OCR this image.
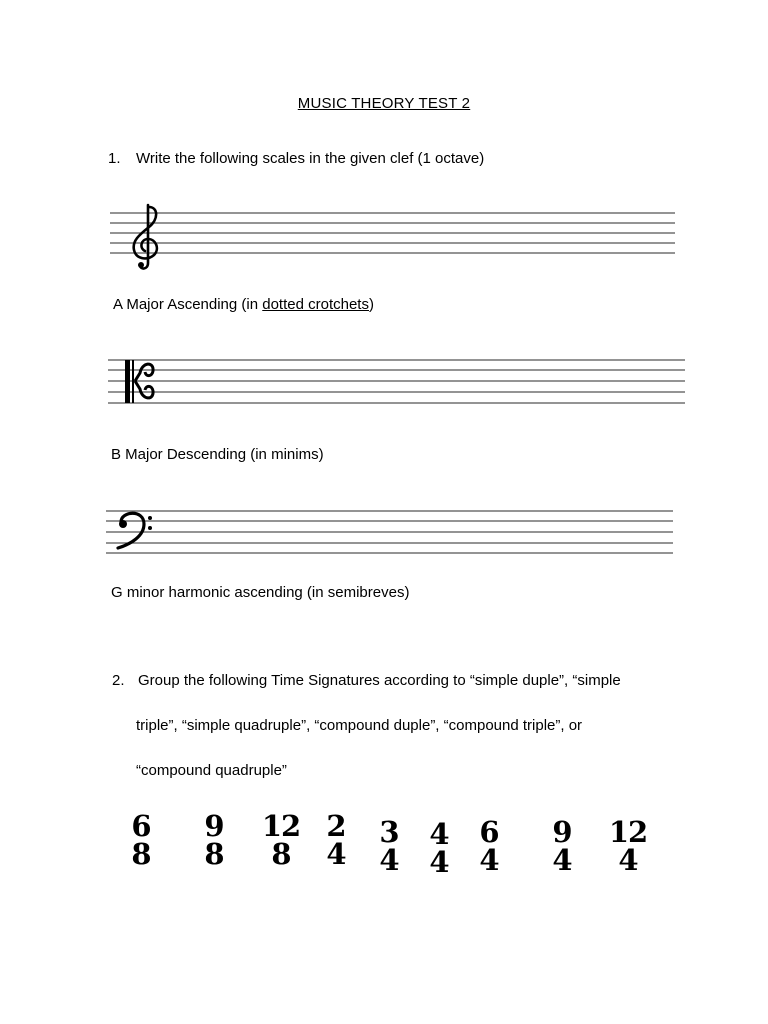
MUSIC THEORY TEST 2
1. Write the following scales in the given clef (1 octave)
A Major Ascending (in dotted crotchets)
B Major Descending (in minims)
G minor harmonic ascending (in semibreves)
2. Group the following Time Signatures according to “simple duple”, “simple
triple”, “simple quadruple”, “compound duple”, “compound triple”, or
“compound quadruple”
6
8
9
8
12
8
2
4
3
4
4
4
6
4
9
4
12
4
